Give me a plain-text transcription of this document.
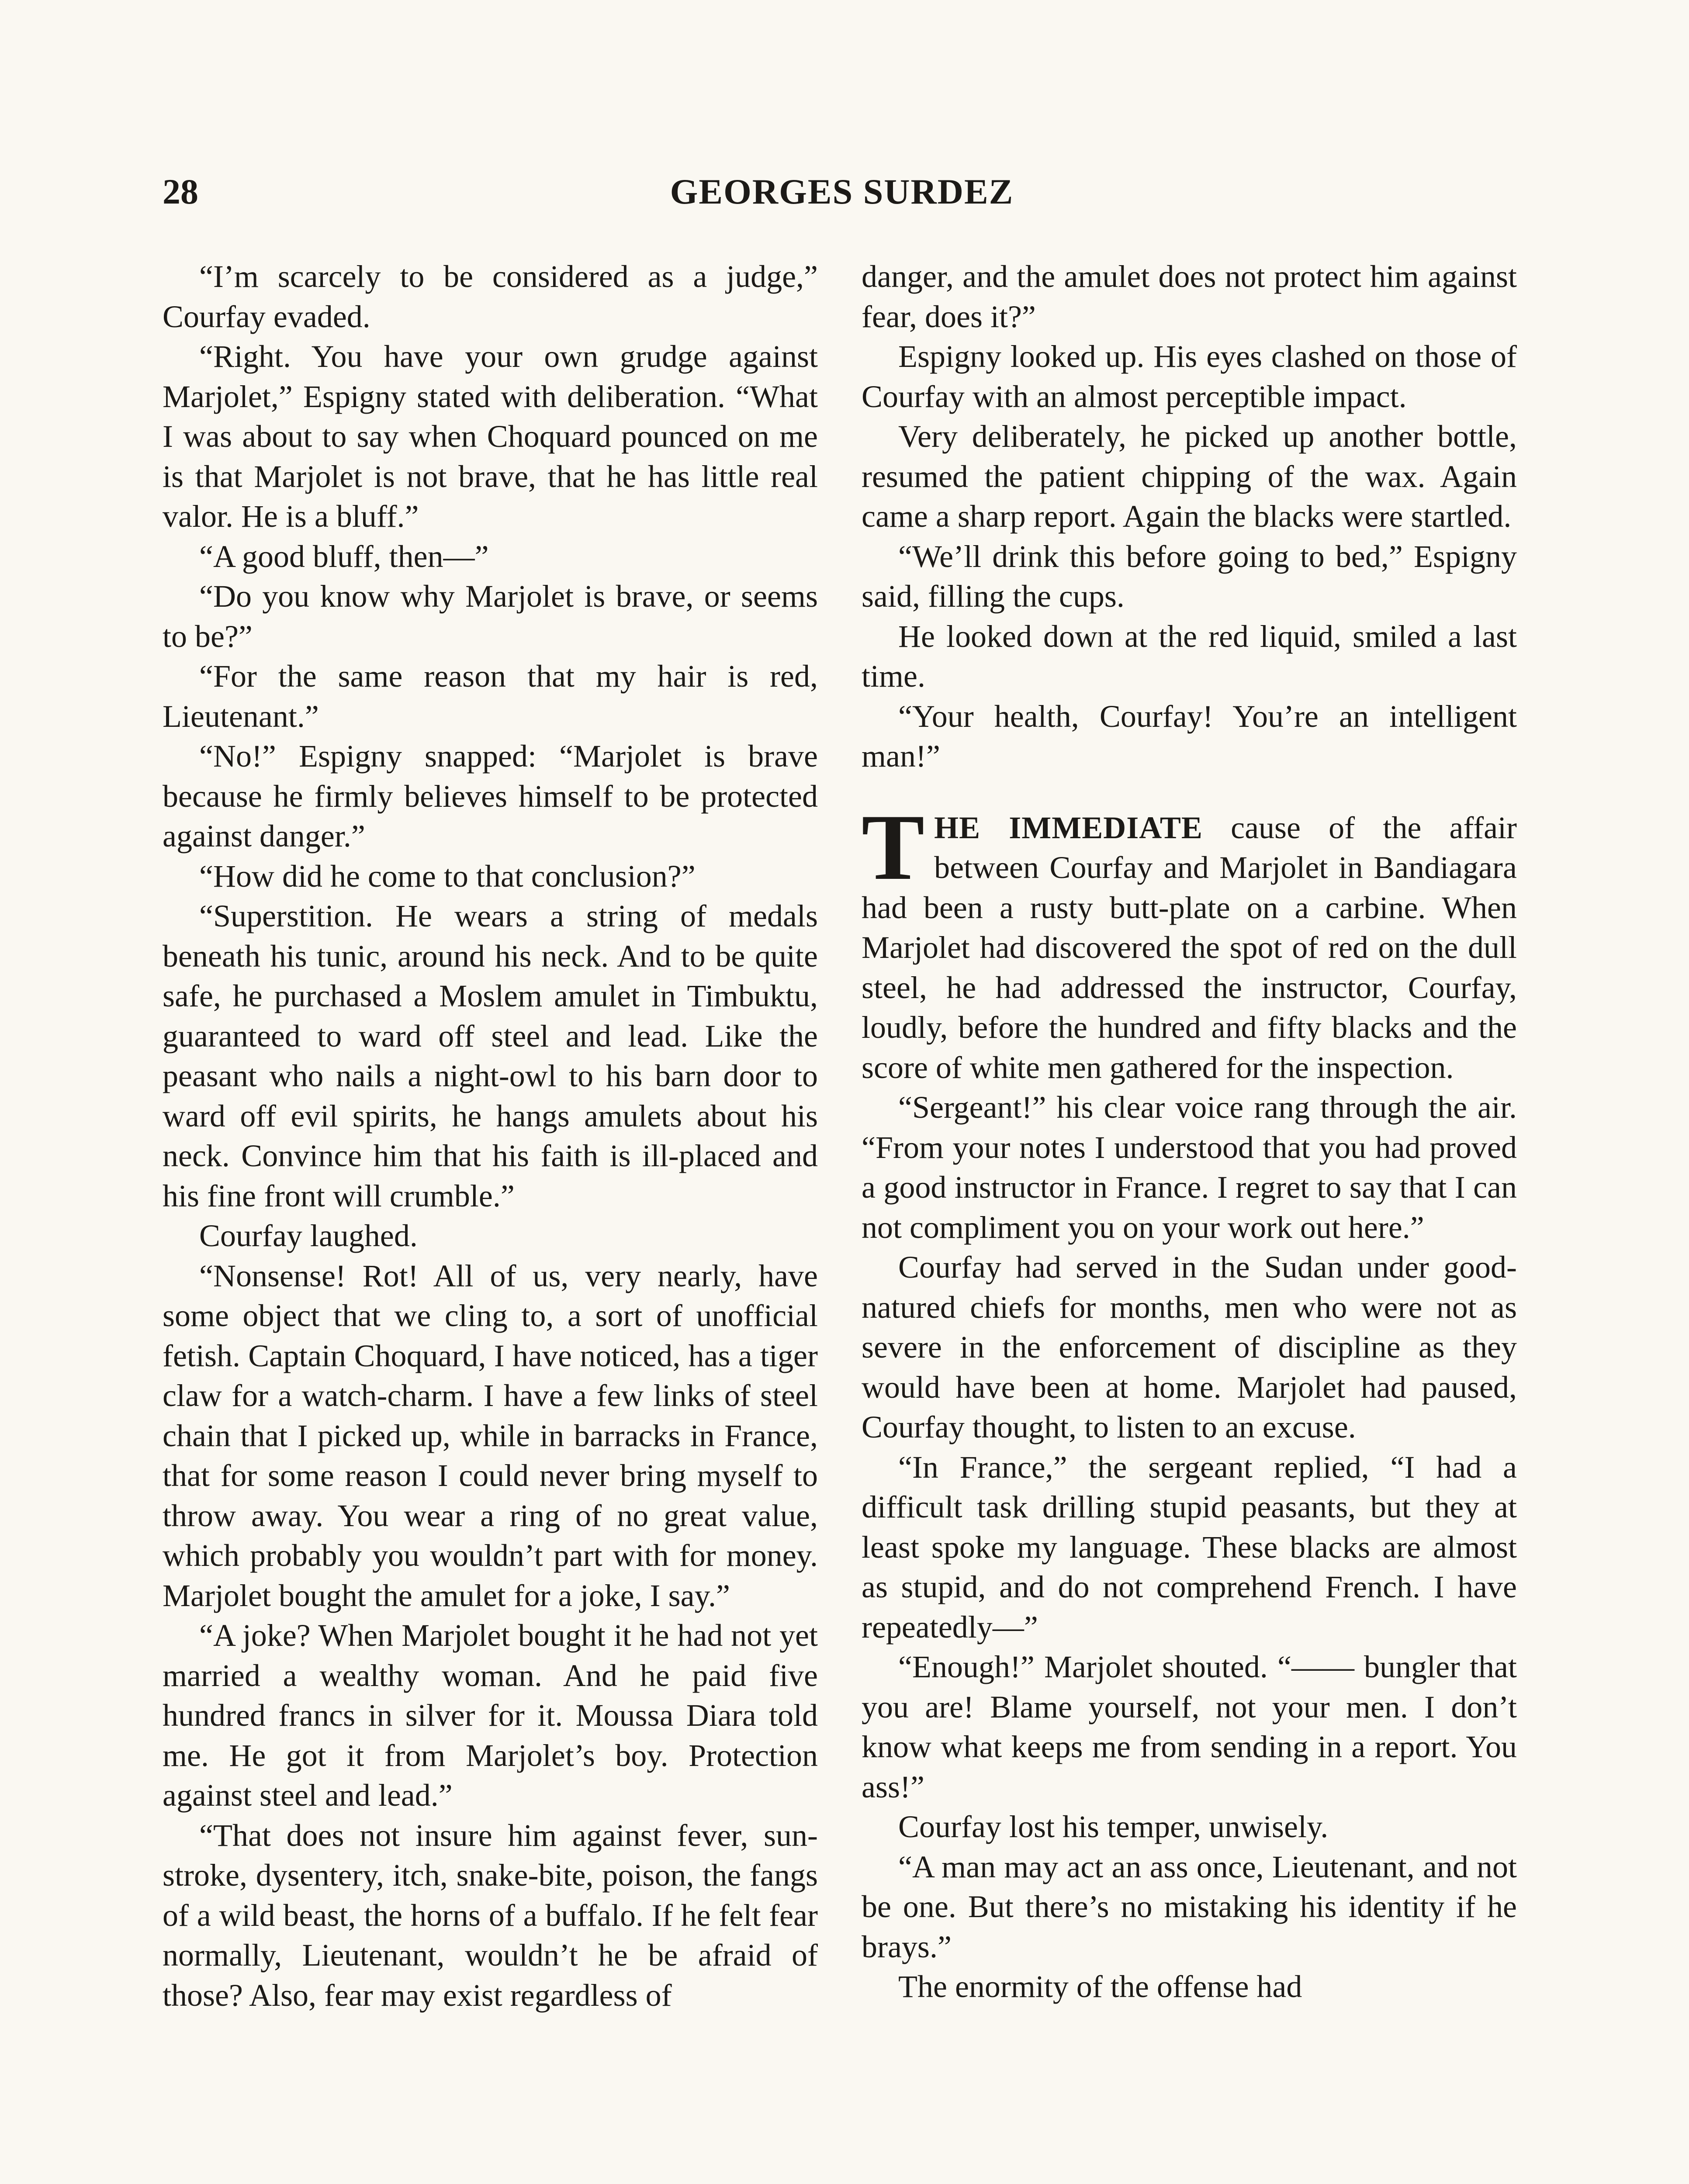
28	GEORGES SURDEZ

“I’m scarcely to be considered as a judge,” Courfay evaded.

“Right. You have your own grudge against Marjolet,” Espigny stated with deliberation. “What I was about to say when Choquard pounced on me is that Marjolet is not brave, that he has little real valor. He is a bluff.”

“A good bluff, then—”

“Do you know why Marjolet is brave, or seems to be?”

“For the same reason that my hair is red, Lieutenant.”

“No!” Espigny snapped: “Marjolet is brave because he firmly believes himself to be protected against danger.”

“How did he come to that conclusion?”

“Superstition. He wears a string of medals beneath his tunic, around his neck. And to be quite safe, he purchased a Moslem amulet in Timbuktu, guaranteed to ward off steel and lead. Like the peasant who nails a night-owl to his barn door to ward off evil spirits, he hangs amulets about his neck. Convince him that his faith is ill-placed and his fine front will crumble.”

Courfay laughed.

“Nonsense! Rot! All of us, very nearly, have some object that we cling to, a sort of unofficial fetish. Captain Choquard, I have noticed, has a tiger claw for a watch-charm. I have a few links of steel chain that I picked up, while in barracks in France, that for some reason I could never bring myself to throw away. You wear a ring of no great value, which probably you wouldn’t part with for money. Marjolet bought the amulet for a joke, I say.”

“A joke? When Marjolet bought it he had not yet married a wealthy woman. And he paid five hundred francs in silver for it. Moussa Diara told me. He got it from Marjolet’s boy. Protection against steel and lead.”

“That does not insure him against fever, sun-stroke, dysentery, itch, snake-bite, poison, the fangs of a wild beast, the horns of a buffalo. If he felt fear normally, Lieutenant, wouldn’t he be afraid of those? Also, fear may exist regardless of

danger, and the amulet does not protect him against fear, does it?”

Espigny looked up. His eyes clashed on those of Courfay with an almost perceptible impact.

Very deliberately, he picked up another bottle, resumed the patient chipping of the wax. Again came a sharp report. Again the blacks were startled.

“We’ll drink this before going to bed,” Espigny said, filling the cups.

He looked down at the red liquid, smiled a last time.

“Your health, Courfay! You’re an intelligent man!”

THE IMMEDIATE cause of the affair between Courfay and Marjolet in Bandiagara had been a rusty butt-plate on a carbine. When Marjolet had discovered the spot of red on the dull steel, he had addressed the instructor, Courfay, loudly, before the hundred and fifty blacks and the score of white men gathered for the inspection.

“Sergeant!” his clear voice rang through the air. “From your notes I understood that you had proved a good instructor in France. I regret to say that I can not compliment you on your work out here.”

Courfay had served in the Sudan under good-natured chiefs for months, men who were not as severe in the enforcement of discipline as they would have been at home. Marjolet had paused, Courfay thought, to listen to an excuse.

“In France,” the sergeant replied, “I had a difficult task drilling stupid peasants, but they at least spoke my language. These blacks are almost as stupid, and do not comprehend French. I have repeatedly—”

“Enough!” Marjolet shouted. “—— bungler that you are! Blame yourself, not your men. I don’t know what keeps me from sending in a report. You ass!”

Courfay lost his temper, unwisely.

“A man may act an ass once, Lieutenant, and not be one. But there’s no mistaking his identity if he brays.”

The enormity of the offense had
